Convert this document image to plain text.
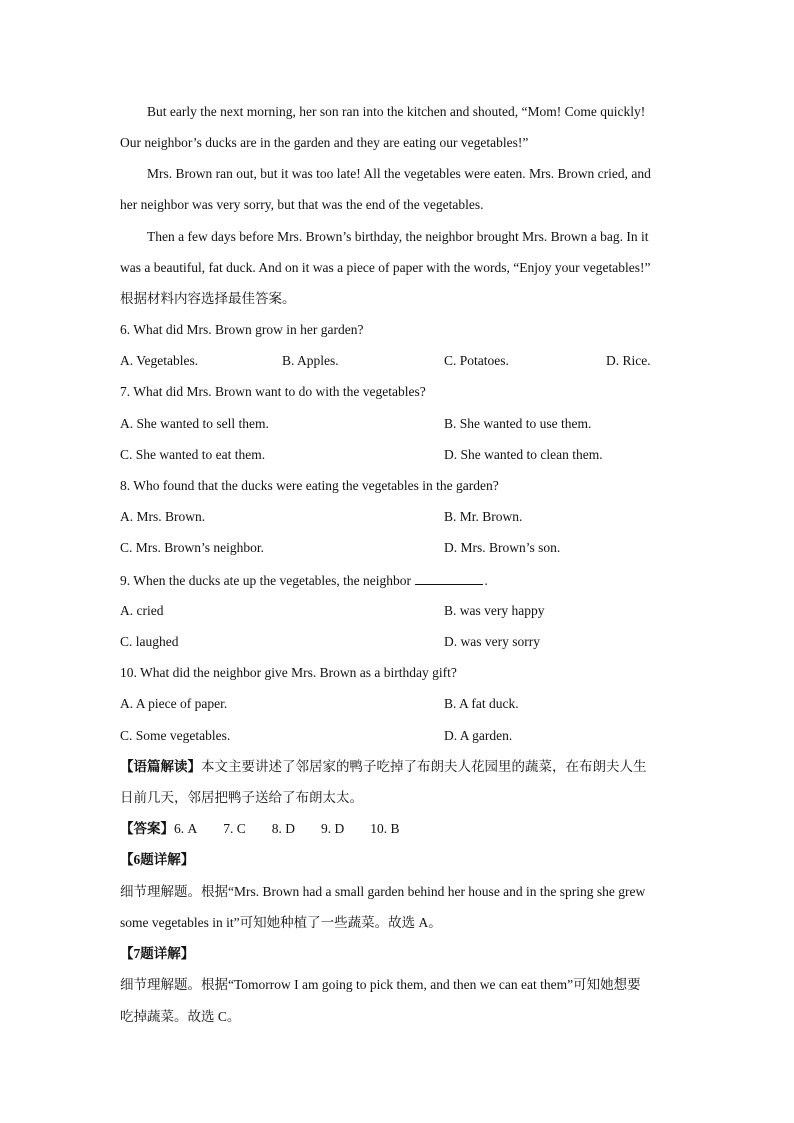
But early the next morning, her son ran into the kitchen and shouted, “Mom! Come quickly!
Our neighbor’s ducks are in the garden and they are eating our vegetables!”
Mrs. Brown ran out, but it was too late! All the vegetables were eaten. Mrs. Brown cried, and
her neighbor was very sorry, but that was the end of the vegetables.
Then a few days before Mrs. Brown’s birthday, the neighbor brought Mrs. Brown a bag. In it
was a beautiful, fat duck. And on it was a piece of paper with the words, “Enjoy your vegetables!”
根据材料内容选择最佳答案。
6. What did Mrs. Brown grow in her garden?
A. Vegetables.	B. Apples.	C. Potatoes.	D. Rice.
7. What did Mrs. Brown want to do with the vegetables?
A. She wanted to sell them.	B. She wanted to use them.
C. She wanted to eat them.	D. She wanted to clean them.
8. Who found that the ducks were eating the vegetables in the garden?
A. Mrs. Brown.	B. Mr. Brown.
C. Mrs. Brown’s neighbor.	D. Mrs. Brown’s son.
9. When the ducks ate up the vegetables, the neighbor	.
A. cried	B. was very happy
C. laughed	D. was very sorry
10. What did the neighbor give Mrs. Brown as a birthday gift?
A. A piece of paper.	B. A fat duck.
C. Some vegetables.	D. A garden.
【语篇解读】本文主要讲述了邻居家的鸭子吃掉了布朗夫人花园里的蔬菜，在布朗夫人生
日前几天，邻居把鸭子送给了布朗太太。
【答案】6. A 7. C 8. D 9. D 10. B
【6题详解】
细节理解题。根据“Mrs. Brown had a small garden behind her house and in the spring she grew
some vegetables in it”可知她种植了一些蔬菜。故选 A。
【7题详解】
细节理解题。根据“Tomorrow I am going to pick them, and then we can eat them”可知她想要
吃掉蔬菜。故选 C。
